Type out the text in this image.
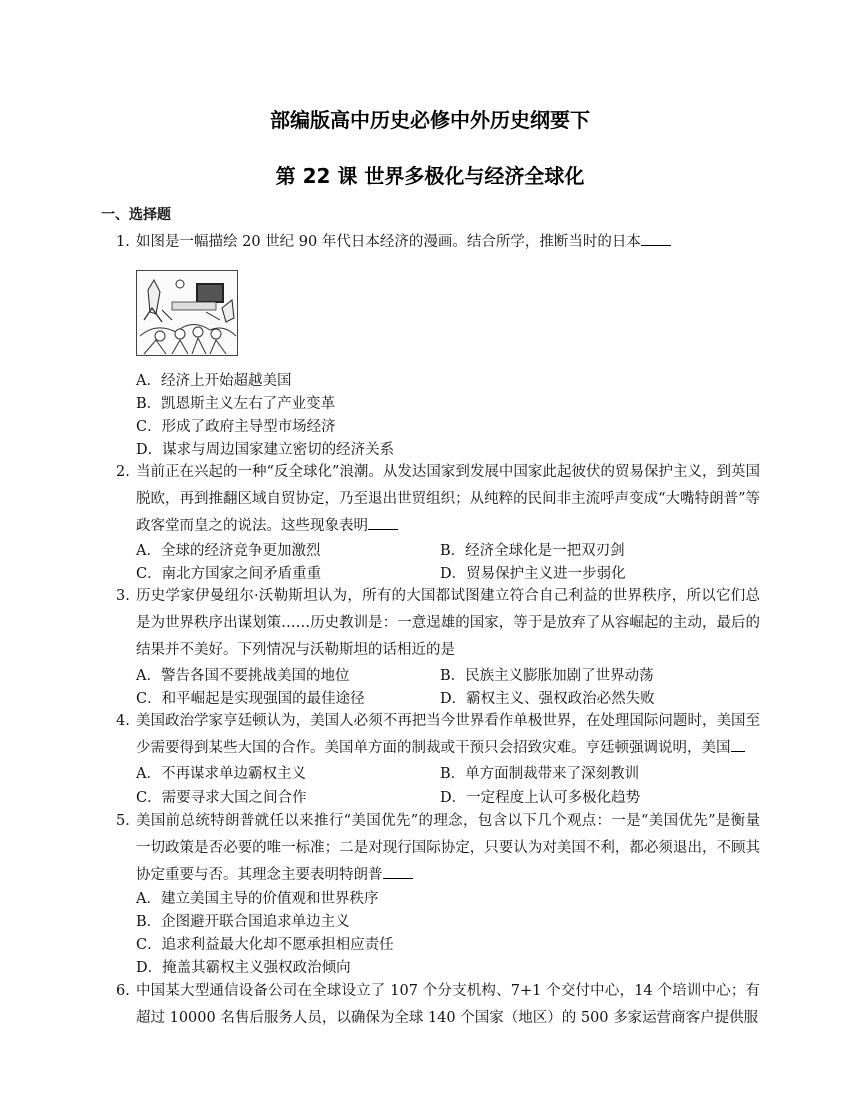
部编版高中历史必修中外历史纲要下
第 22 课 世界多极化与经济全球化
一、选择题
1. 如图是一幅描绘 20 世纪 90 年代日本经济的漫画。结合所学，推断当时的日本
A．经济上开始超越美国
B．凯恩斯主义左右了产业变革
C．形成了政府主导型市场经济
D．谋求与周边国家建立密切的经济关系
2. 当前正在兴起的一种“反全球化”浪潮。从发达国家到发展中国家此起彼伏的贸易保护主义，到英国脱欧，再到推翻区域自贸协定，乃至退出世贸组织；从纯粹的民间非主流呼声变成“大嘴特朗普”等政客堂而皇之的说法。这些现象表明
A．全球的经济竞争更加激烈	B．经济全球化是一把双刃剑
C．南北方国家之间矛盾重重	D．贸易保护主义进一步弱化
3. 历史学家伊曼纽尔·沃勒斯坦认为，所有的大国都试图建立符合自己利益的世界秩序，所以它们总是为世界秩序出谋划策……历史教训是：一意逞雄的国家，等于是放弃了从容崛起的主动，最后的结果并不美好。下列情况与沃勒斯坦的话相近的是
A．警告各国不要挑战美国的地位	B．民族主义膨胀加剧了世界动荡
C．和平崛起是实现强国的最佳途径	D．霸权主义、强权政治必然失败
4. 美国政治学家亨廷顿认为，美国人必须不再把当今世界看作单极世界，在处理国际问题时，美国至少需要得到某些大国的合作。美国单方面的制裁或干预只会招致灾难。亨廷顿强调说明，美国
A．不再谋求单边霸权主义	B．单方面制裁带来了深刻教训
C．需要寻求大国之间合作	D．一定程度上认可多极化趋势
5. 美国前总统特朗普就任以来推行“美国优先”的理念，包含以下几个观点：一是“美国优先”是衡量一切政策是否必要的唯一标准；二是对现行国际协定，只要认为对美国不利，都必须退出，不顾其协定重要与否。其理念主要表明特朗普
A．建立美国主导的价值观和世界秩序
B．企图避开联合国追求单边主义
C．追求利益最大化却不愿承担相应责任
D．掩盖其霸权主义强权政治倾向
6. 中国某大型通信设备公司在全球设立了 107 个分支机构、7+1 个交付中心，14 个培训中心；有超过 10000 名售后服务人员，以确保为全球 140 个国家（地区）的 500 多家运营商客户提供服
